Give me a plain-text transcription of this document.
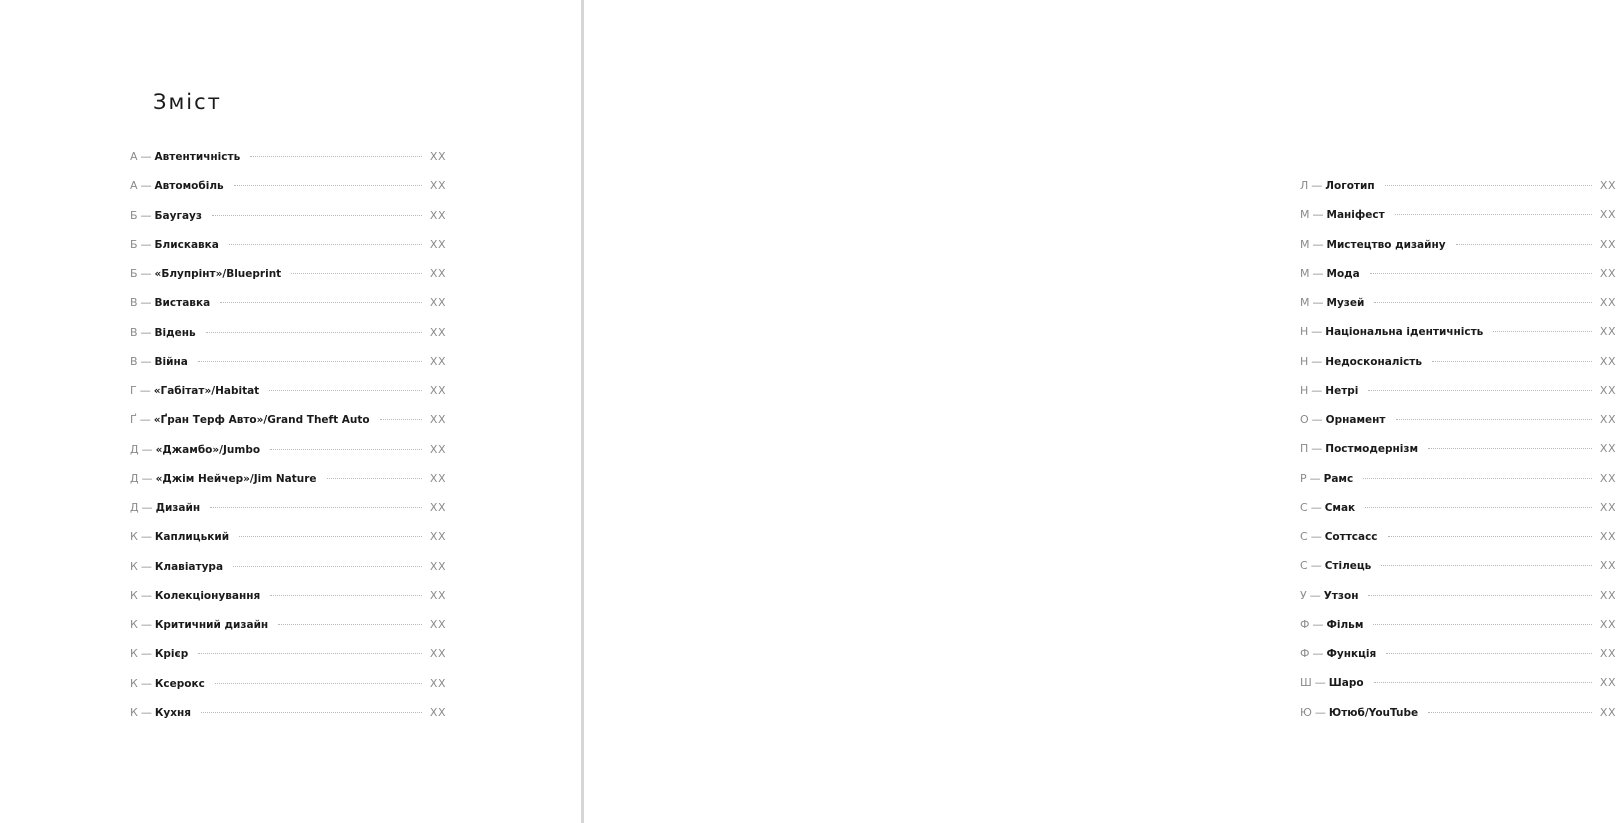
Зміст
А — Автентичність	XX
А — Автомобіль	XX
Б — Баугауз	XX
Б — Блискавка	XX
Б — «Блупрінт»/Blueprint	XX
В — Виставка	XX
В — Відень	XX
В — Війна	XX
Г — «Габітат»/Habitat	XX
Ґ — «Ґран Терф Авто»/Grand Theft Auto	XX
Д — «Джамбо»/Jumbo	XX
Д — «Джім Нейчер»/Jim Nature	XX
Д — Дизайн	XX
К — Каплицький	XX
К — Клавіатура	XX
К — Колекціонування	XX
К — Критичний дизайн	XX
К — Крієр	XX
К — Ксерокс	XX
К — Кухня	XX
Л — Логотип	XX
М — Маніфест	XX
М — Мистецтво дизайну	XX
М — Мода	XX
М — Музей	XX
Н — Національна ідентичність	XX
Н — Недосконалість	XX
Н — Нетрі	XX
О — Орнамент	XX
П — Постмодернізм	XX
Р — Рамс	XX
С — Смак	XX
С — Соттсасс	XX
С — Стілець	XX
У — Утзон	XX
Ф — Фільм	XX
Ф — Функція	XX
Ш — Шаро	XX
Ю — Ютюб/YouTube	XX
